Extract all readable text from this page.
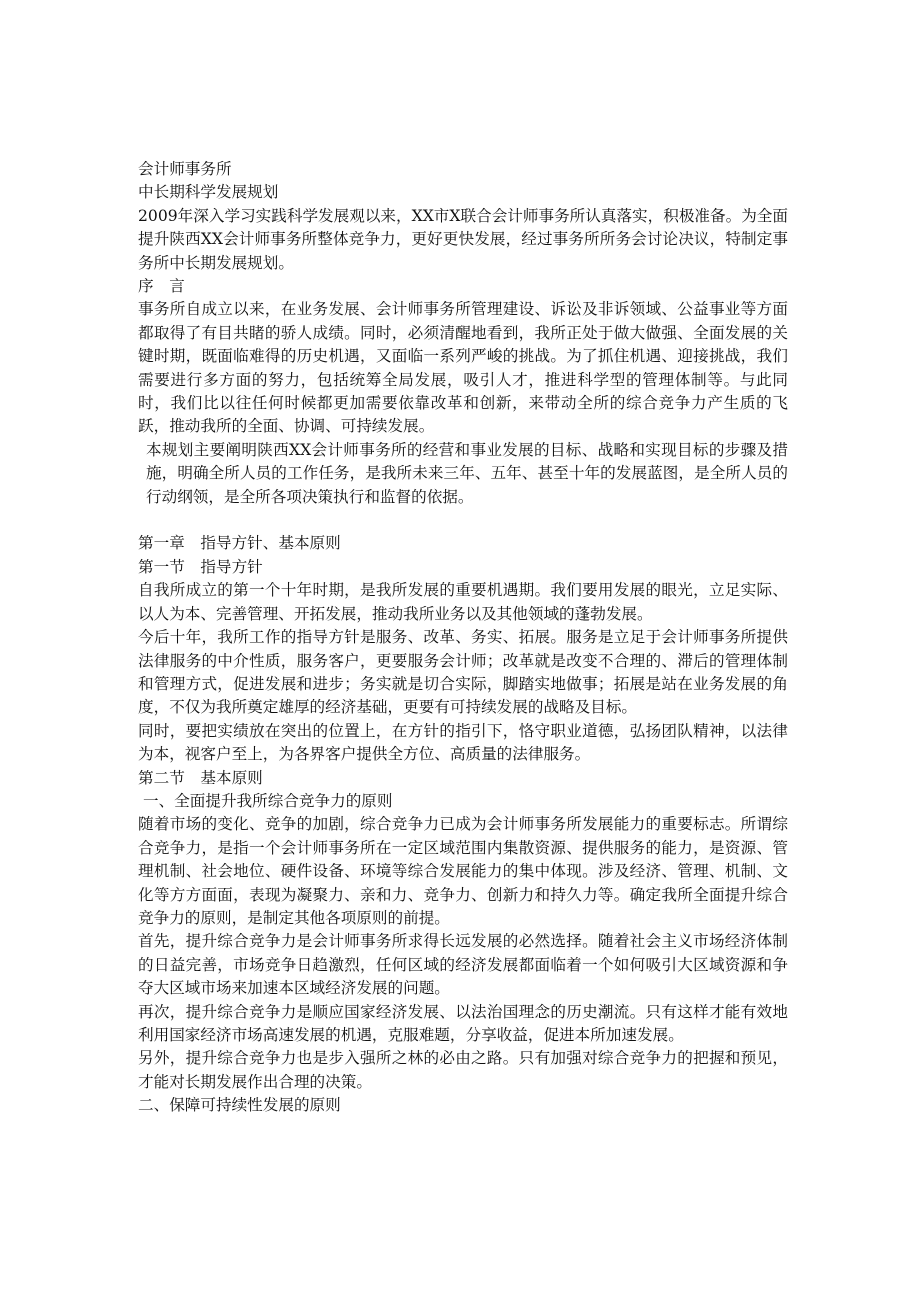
会计师事务所
中长期科学发展规划
2009年深入学习实践科学发展观以来，XX市X联合会计师事务所认真落实，积极准备。为全面提升陕西XX会计师事务所整体竞争力，更好更快发展，经过事务所所务会讨论决议，特制定事务所中长期发展规划。
序　言
事务所自成立以来，在业务发展、会计师事务所管理建设、诉讼及非诉领域、公益事业等方面都取得了有目共睹的骄人成绩。同时，必须清醒地看到，我所正处于做大做强、全面发展的关键时期，既面临难得的历史机遇，又面临一系列严峻的挑战。为了抓住机遇、迎接挑战，我们需要进行多方面的努力，包括统筹全局发展，吸引人才，推进科学型的管理体制等。与此同时，我们比以往任何时候都更加需要依靠改革和创新，来带动全所的综合竞争力产生质的飞跃，推动我所的全面、协调、可持续发展。
本规划主要阐明陕西XX会计师事务所的经营和事业发展的目标、战略和实现目标的步骤及措施，明确全所人员的工作任务，是我所未来三年、五年、甚至十年的发展蓝图，是全所人员的行动纲领，是全所各项决策执行和监督的依据。
第一章　指导方针、基本原则
第一节　指导方针
自我所成立的第一个十年时期，是我所发展的重要机遇期。我们要用发展的眼光，立足实际、以人为本、完善管理、开拓发展，推动我所业务以及其他领域的蓬勃发展。
今后十年，我所工作的指导方针是服务、改革、务实、拓展。服务是立足于会计师事务所提供法律服务的中介性质，服务客户，更要服务会计师；改革就是改变不合理的、滞后的管理体制和管理方式，促进发展和进步；务实就是切合实际，脚踏实地做事；拓展是站在业务发展的角度，不仅为我所奠定雄厚的经济基础，更要有可持续发展的战略及目标。
同时，要把实绩放在突出的位置上，在方针的指引下，恪守职业道德，弘扬团队精神，以法律为本，视客户至上，为各界客户提供全方位、高质量的法律服务。
第二节　基本原则
一、全面提升我所综合竞争力的原则
随着市场的变化、竞争的加剧，综合竞争力已成为会计师事务所发展能力的重要标志。所谓综合竞争力，是指一个会计师事务所在一定区域范围内集散资源、提供服务的能力，是资源、管理机制、社会地位、硬件设备、环境等综合发展能力的集中体现。涉及经济、管理、机制、文化等方方面面，表现为凝聚力、亲和力、竞争力、创新力和持久力等。确定我所全面提升综合竞争力的原则，是制定其他各项原则的前提。
首先，提升综合竞争力是会计师事务所求得长远发展的必然选择。随着社会主义市场经济体制的日益完善，市场竞争日趋激烈，任何区域的经济发展都面临着一个如何吸引大区域资源和争夺大区域市场来加速本区域经济发展的问题。
再次，提升综合竞争力是顺应国家经济发展、以法治国理念的历史潮流。只有这样才能有效地利用国家经济市场高速发展的机遇，克服难题，分享收益，促进本所加速发展。
另外，提升综合竞争力也是步入强所之林的必由之路。只有加强对综合竞争力的把握和预见，才能对长期发展作出合理的决策。
二、保障可持续性发展的原则
